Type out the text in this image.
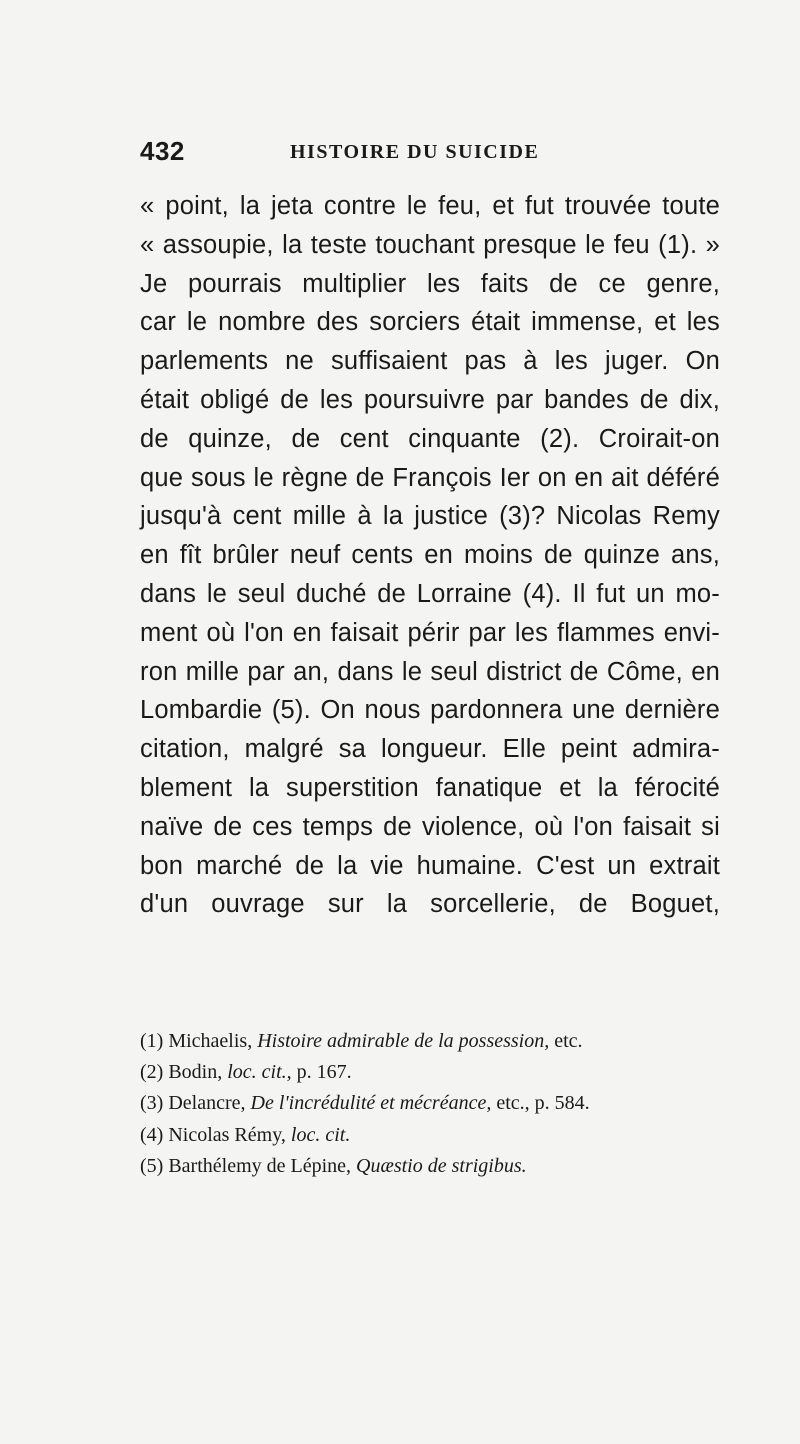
432	HISTOIRE DU SUICIDE
« point, la jeta contre le feu, et fut trouvée toute
« assoupie, la teste touchant presque le feu (1). »
Je pourrais multiplier les faits de ce genre,
car le nombre des sorciers était immense, et les
parlements ne suffisaient pas à les juger. On
était obligé de les poursuivre par bandes de dix,
de quinze, de cent cinquante (2). Croirait-on
que sous le règne de François Ier on en ait déféré
jusqu'à cent mille à la justice (3)? Nicolas Remy
en fît brûler neuf cents en moins de quinze ans,
dans le seul duché de Lorraine (4). Il fut un mo-
ment où l'on en faisait périr par les flammes envi-
ron mille par an, dans le seul district de Côme, en
Lombardie (5). On nous pardonnera une dernière
citation, malgré sa longueur. Elle peint admira-
blement la superstition fanatique et la férocité
naïve de ces temps de violence, où l'on faisait si
bon marché de la vie humaine. C'est un extrait
d'un ouvrage sur la sorcellerie, de Boguet,
(1) Michaelis, Histoire admirable de la possession, etc.
(2) Bodin, loc. cit., p. 167.
(3) Delancre, De l'incrédulité et mécréance, etc., p. 584.
(4) Nicolas Rémy, loc. cit.
(5) Barthélemy de Lépine, Quæstio de strigibus.
